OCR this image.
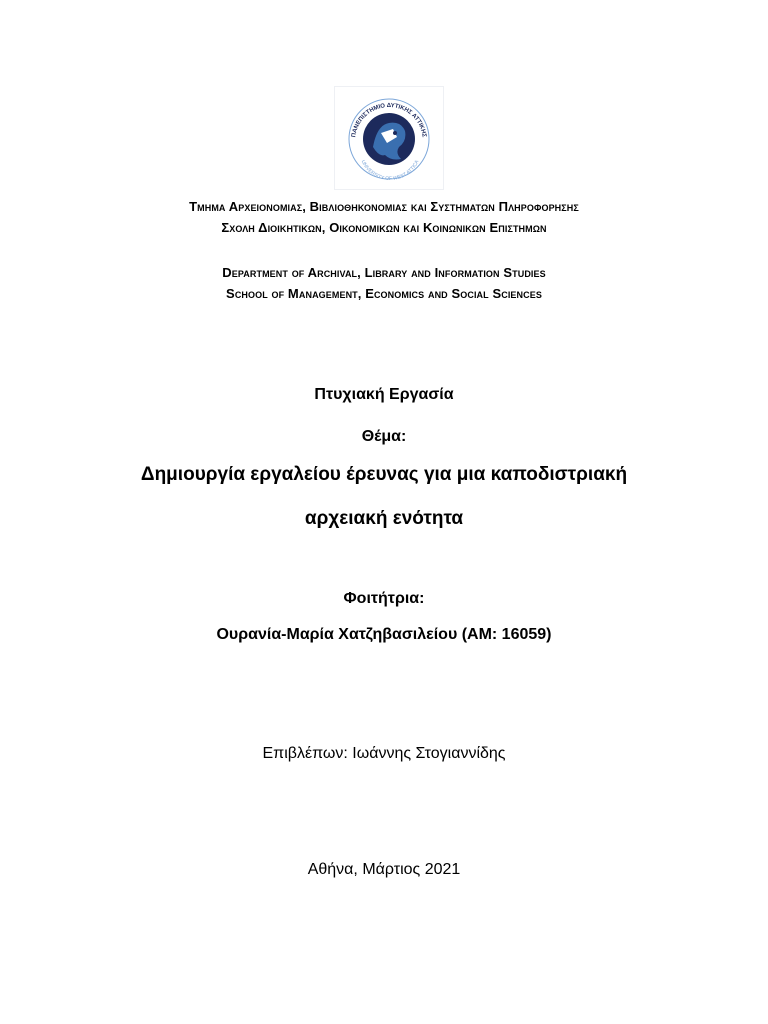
ΠΑΝΕΠΙΣΤΗΜΙΟ ΔΥΤΙΚΗΣ ΑΤΤΙΚΗΣ
UNIVERSITY OF WEST ATTICA
Τμημα Αρχειονομιας, Βιβλιοθηκονομιας και Συστηματων Πληροφορησης
Σχολη Διοικητικων, Οικονομικων και Κοινωνικων Επιστημων
Department of Archival, Library and Information Studies
School of Management, Economics and Social Sciences
Πτυχιακή Εργασία
Θέμα:
Δημιουργία εργαλείου έρευνας για μια καποδιστριακή
αρχειακή ενότητα
Φοιτήτρια:
Ουρανία-Μαρία Χατζηβασιλείου (ΑΜ: 16059)
Επιβλέπων: Ιωάννης Στογιαννίδης
Αθήνα, Μάρτιος 2021
